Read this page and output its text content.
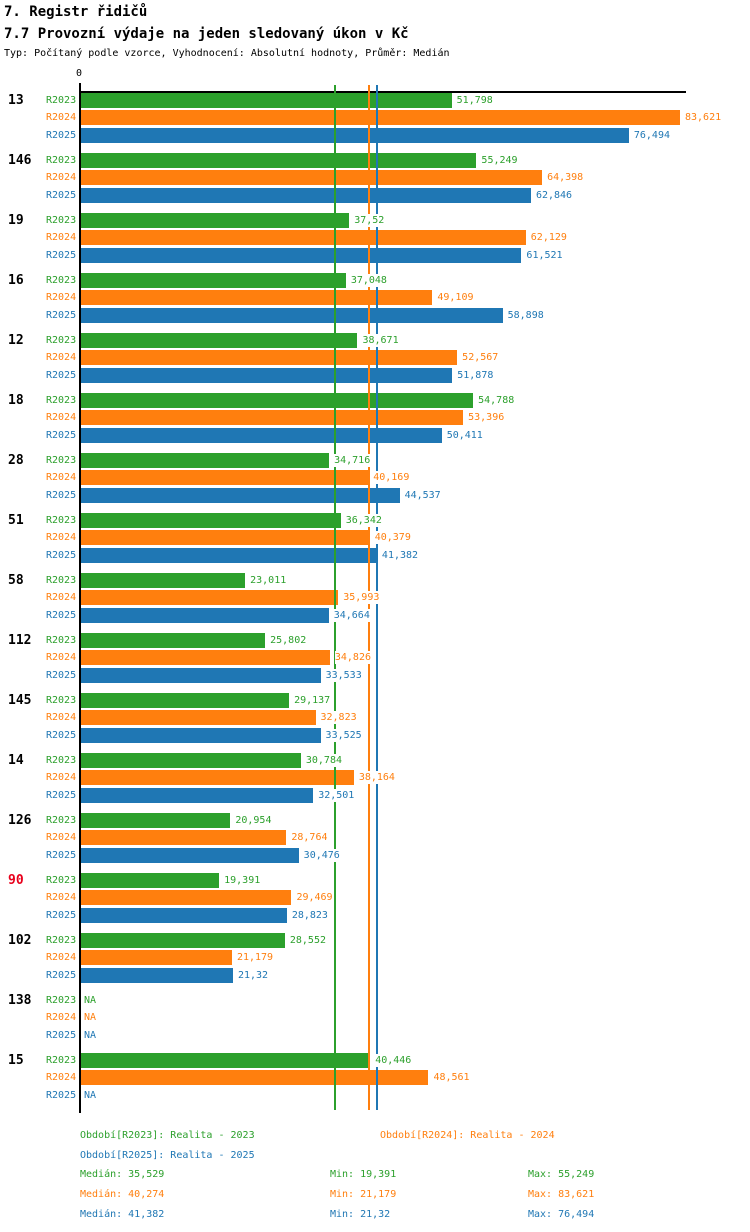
7. Registr řidičů
7.7 Provozní výdaje na jeden sledovaný úkon v Kč
Typ: Počítaný podle vzorce, Vyhodnocení: Absolutní hodnoty, Průměr: Medián
0
13 R2023	51,798
R2024	83,621
R2025	76,494
146 R2023	55,249
R2024	64,398
R2025	62,846
19 R2023	37,52
R2024	62,129
R2025	61,521
16 R2023	37,048
R2024	49,109
R2025	58,898
12 R2023	38,671
R2024	52,567
R2025	51,878
18 R2023	54,788
R2024	53,396
R2025	50,411
28 R2023	34,716
R2024	40,169
R2025	44,537
51 R2023	36,342
R2024	40,379
R2025	41,382
58 R2023	23,011
R2024	35,993
R2025	34,664
112 R2023	25,802
R2024	34,826
R2025	33,533
145 R2023	29,137
R2024	32,823
R2025	33,525
14 R2023	30,784
R2024	38,164
R2025	32,501
126 R2023	20,954
R2024	28,764
R2025	30,476
90 R2023	19,391
R2024	29,469
R2025	28,823
102 R2023	28,552
R2024	21,179
R2025	21,32
138 R2023 NA
R2024 NA
R2025 NA
15 R2023	40,446
R2024	48,561
R2025 NA
Období[R2023]: Realita - 2023	Období[R2024]: Realita - 2024
Období[R2025]: Realita - 2025
Medián: 35,529	Min: 19,391	Max: 55,249
Medián: 40,274	Min: 21,179	Max: 83,621
Medián: 41,382	Min: 21,32	Max: 76,494
